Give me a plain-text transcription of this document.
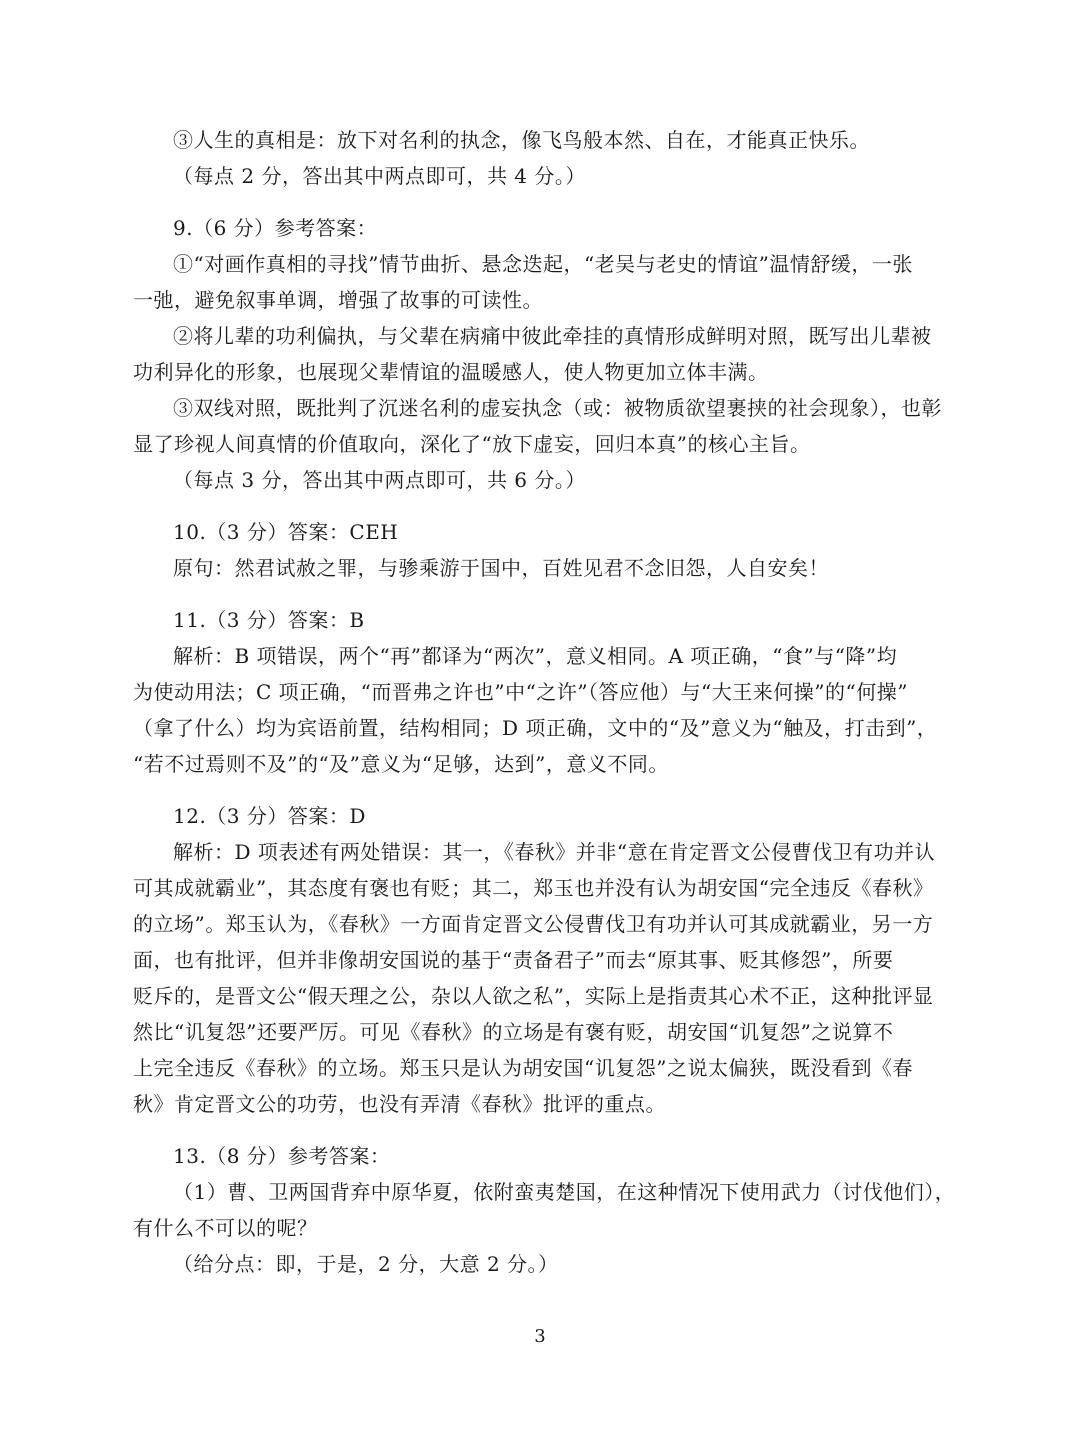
③人生的真相是：放下对名利的执念，像飞鸟般本然、自在，才能真正快乐。
（每点 2 分，答出其中两点即可，共 4 分。）
9.（6 分）参考答案：
①“对画作真相的寻找”情节曲折、悬念迭起，“老吴与老史的情谊”温情舒缓，一张
一弛，避免叙事单调，增强了故事的可读性。
②将儿辈的功利偏执，与父辈在病痛中彼此牵挂的真情形成鲜明对照，既写出儿辈被
功利异化的形象，也展现父辈情谊的温暖感人，使人物更加立体丰满。
③双线对照，既批判了沉迷名利的虚妄执念（或：被物质欲望裹挟的社会现象），也彰
显了珍视人间真情的价值取向，深化了“放下虚妄，回归本真”的核心主旨。
（每点 3 分，答出其中两点即可，共 6 分。）
10.（3 分）答案：CEH
原句：然君试赦之罪，与骖乘游于国中，百姓见君不念旧怨，人自安矣！
11.（3 分）答案：B
解析：B 项错误，两个“再”都译为“两次”，意义相同。A 项正确，“食”与“降”均
为使动用法；C 项正确，“而晋弗之许也”中“之许”（答应他）与“大王来何操”的“何操”
（拿了什么）均为宾语前置，结构相同；D 项正确，文中的“及”意义为“触及，打击到”，
“若不过焉则不及”的“及”意义为“足够，达到”，意义不同。
12.（3 分）答案：D
解析：D 项表述有两处错误：其一，《春秋》并非“意在肯定晋文公侵曹伐卫有功并认
可其成就霸业”，其态度有褒也有贬；其二，郑玉也并没有认为胡安国“完全违反《春秋》
的立场”。郑玉认为，《春秋》一方面肯定晋文公侵曹伐卫有功并认可其成就霸业，另一方
面，也有批评，但并非像胡安国说的基于“责备君子”而去“原其事、贬其修怨”，所要
贬斥的，是晋文公“假天理之公，杂以人欲之私”，实际上是指责其心术不正，这种批评显
然比“讥复怨”还要严厉。可见《春秋》的立场是有褒有贬，胡安国“讥复怨”之说算不
上完全违反《春秋》的立场。郑玉只是认为胡安国“讥复怨”之说太偏狭，既没看到《春
秋》肯定晋文公的功劳，也没有弄清《春秋》批评的重点。
13.（8 分）参考答案：
（1）曹、卫两国背弃中原华夏，依附蛮夷楚国，在这种情况下使用武力（讨伐他们），
有什么不可以的呢？
（给分点：即，于是，2 分，大意 2 分。）
3
